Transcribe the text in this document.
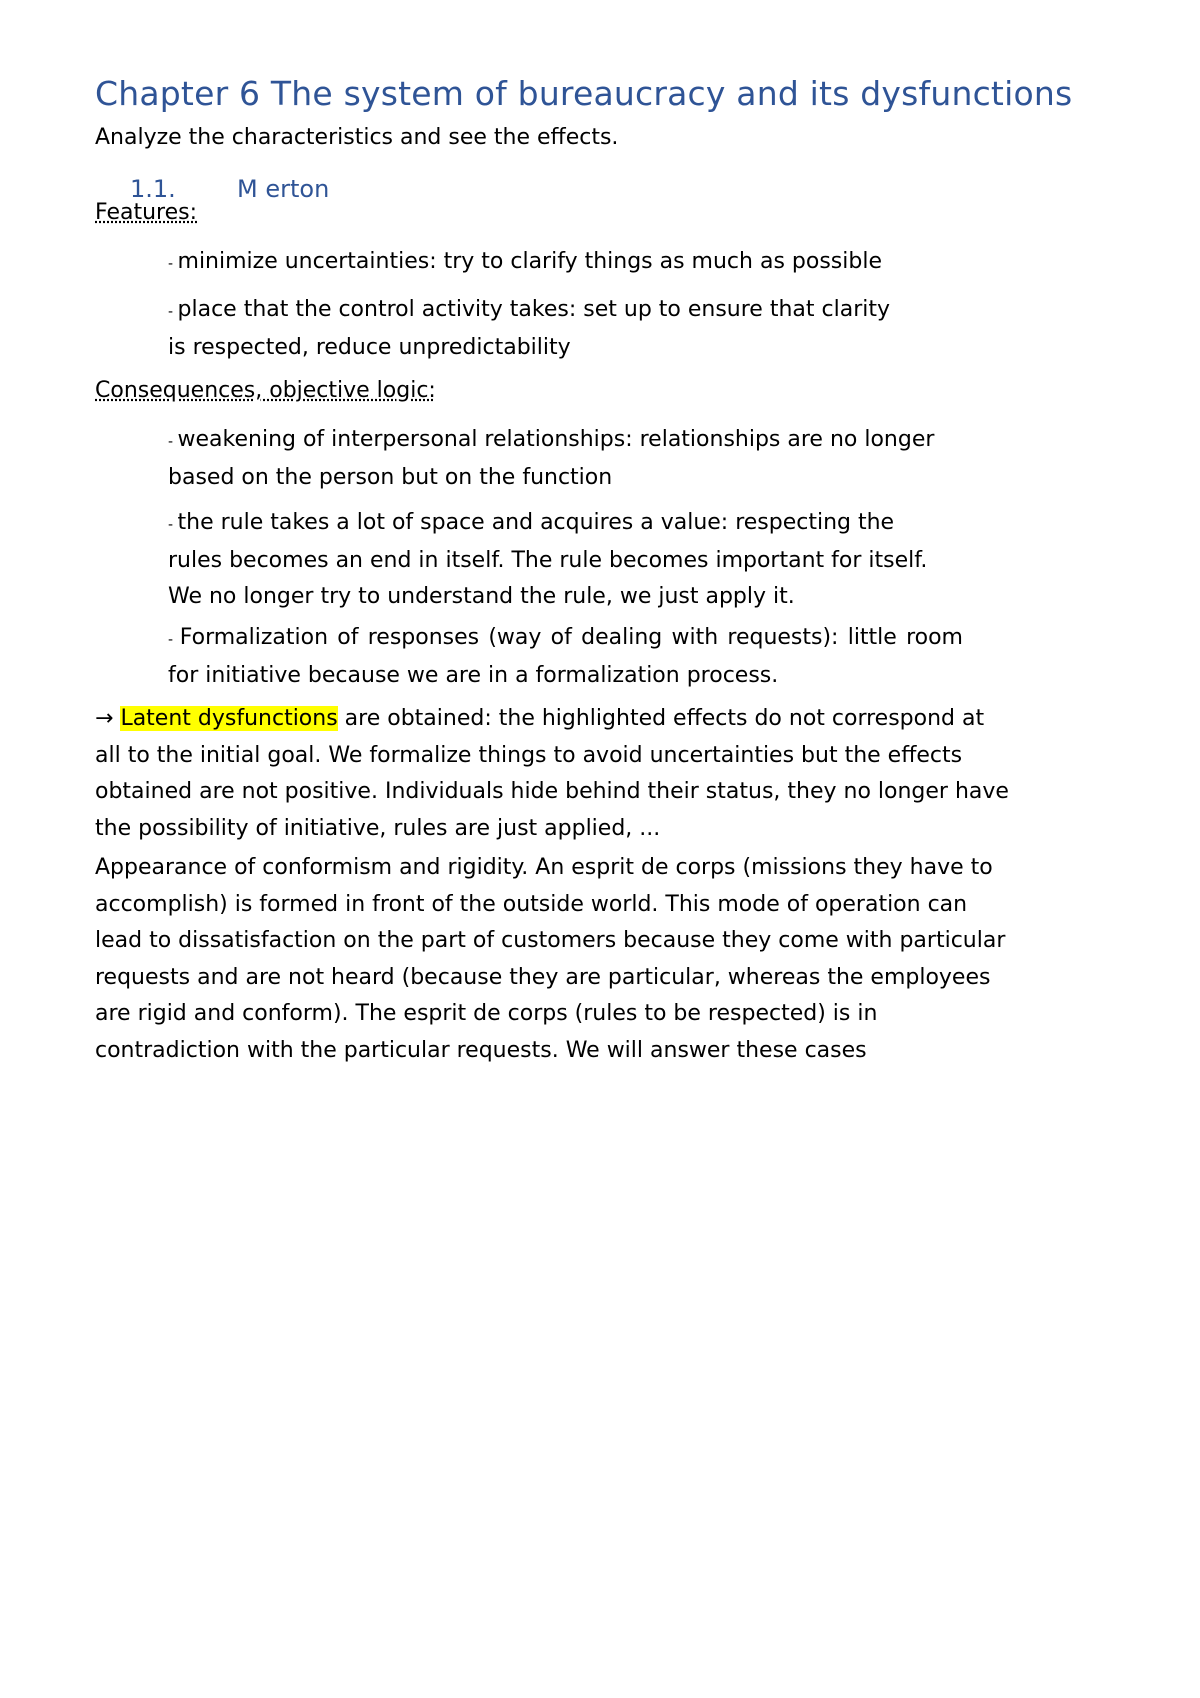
Chapter 6 The system of bureaucracy and its dysfunctions
Analyze the characteristics and see the effects.
1.1.	M erton
Features:
- minimize uncertainties: try to clarify things as much as possible
- place that the control activity takes: set up to ensure that clarity is respected, reduce unpredictability
Consequences, objective logic:
- weakening of interpersonal relationships: relationships are no longer based on the person but on the function
- the rule takes a lot of space and acquires a value: respecting the rules becomes an end in itself. The rule becomes important for itself. We no longer try to understand the rule, we just apply it.
- Formalization of responses (way of dealing with requests): little room for initiative because we are in a formalization process.
→ Latent dysfunctions are obtained: the highlighted effects do not correspond at all to the initial goal. We formalize things to avoid uncertainties but the effects obtained are not positive. Individuals hide behind their status, they no longer have the possibility of initiative, rules are just applied, ...
Appearance of conformism and rigidity. An esprit de corps (missions they have to accomplish) is formed in front of the outside world. This mode of operation can lead to dissatisfaction on the part of customers because they come with particular requests and are not heard (because they are particular, whereas the employees are rigid and conform). The esprit de corps (rules to be respected) is in contradiction with the particular requests. We will answer these cases
